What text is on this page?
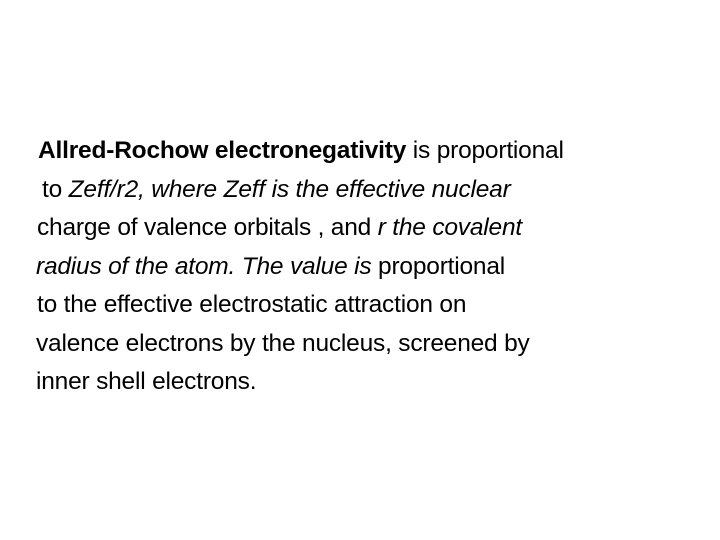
Allred-Rochow electronegativity is proportional
to Zeff/r2, where Zeff is the effective nuclear
charge of valence orbitals , and r the covalent
radius of the atom. The value is proportional
to the effective electrostatic attraction on
valence electrons by the nucleus, screened by
inner shell electrons.
